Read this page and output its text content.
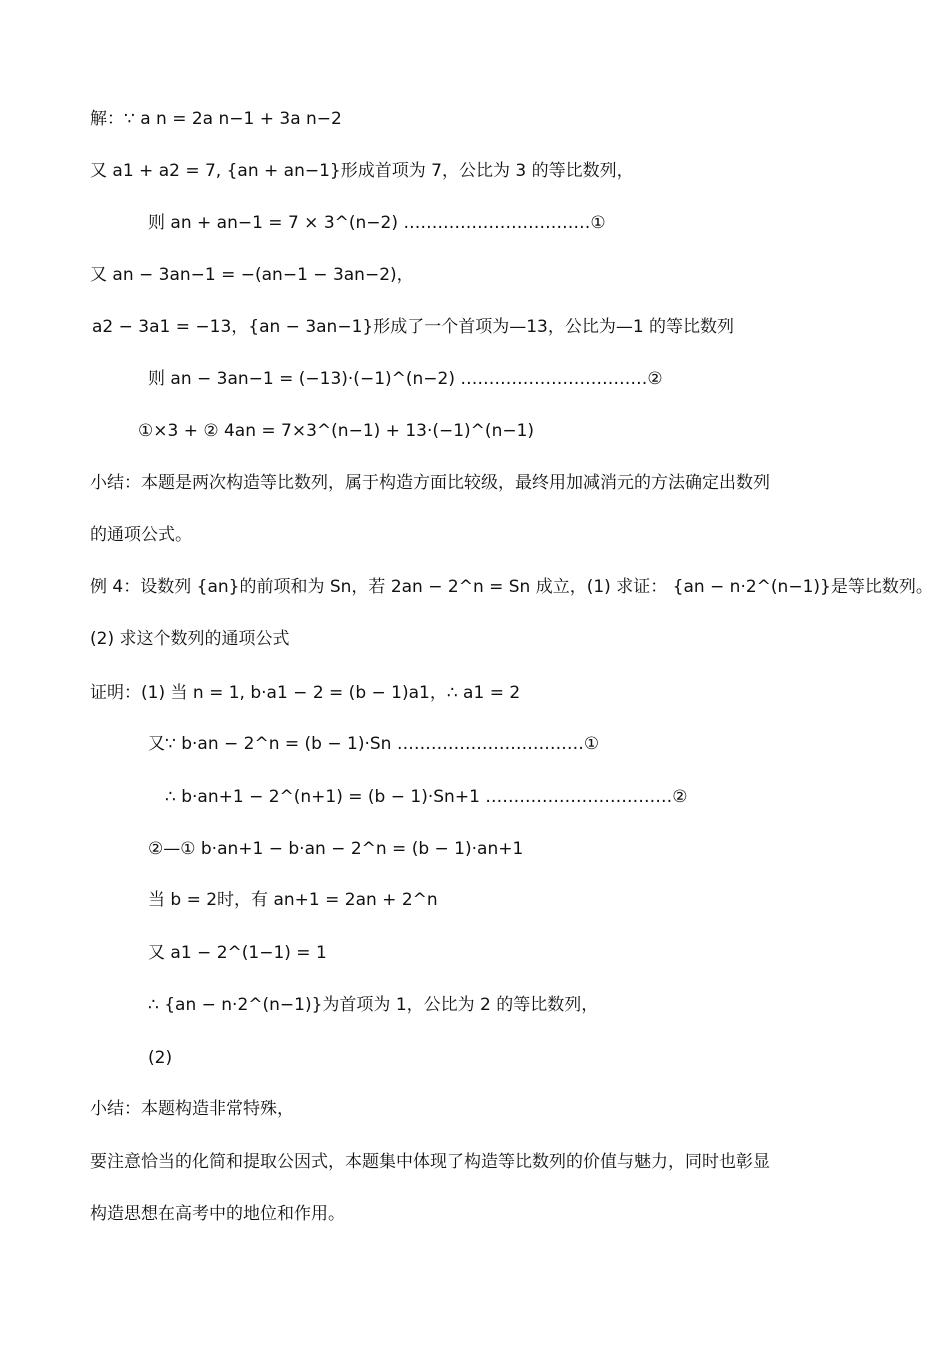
解：∵ a n = 2a n−1 + 3a n−2
又 a1 + a2 = 7, {an + an−1}形成首项为 7，公比为 3 的等比数列，
则 an + an−1 = 7 × 3^(n−2) ……………………………①
又 an − 3an−1 = −(an−1 − 3an−2)，
a2 − 3a1 = −13，{an − 3an−1}形成了一个首项为—13，公比为—1 的等比数列
则 an − 3an−1 = (−13)·(−1)^(n−2) ……………………………②
①×3 + ② 4an = 7×3^(n−1) + 13·(−1)^(n−1)
小结：本题是两次构造等比数列，属于构造方面比较级，最终用加减消元的方法确定出数列
的通项公式。
例 4：设数列 {an}的前项和为 Sn，若 2an − 2^n = Sn 成立，(1) 求证： {an − n·2^(n−1)}是等比数列。
(2) 求这个数列的通项公式
证明：(1) 当 n = 1, b·a1 − 2 = (b − 1)a1，∴ a1 = 2
又∵ b·an − 2^n = (b − 1)·Sn ……………………………①
∴ b·an+1 − 2^(n+1) = (b − 1)·Sn+1 ……………………………②
②—① b·an+1 − b·an − 2^n = (b − 1)·an+1
当 b = 2时，有 an+1 = 2an + 2^n
又 a1 − 2^(1−1) = 1
∴ {an − n·2^(n−1)}为首项为 1，公比为 2 的等比数列，
(2)
小结：本题构造非常特殊，
要注意恰当的化简和提取公因式，本题集中体现了构造等比数列的价值与魅力，同时也彰显
构造思想在高考中的地位和作用。
